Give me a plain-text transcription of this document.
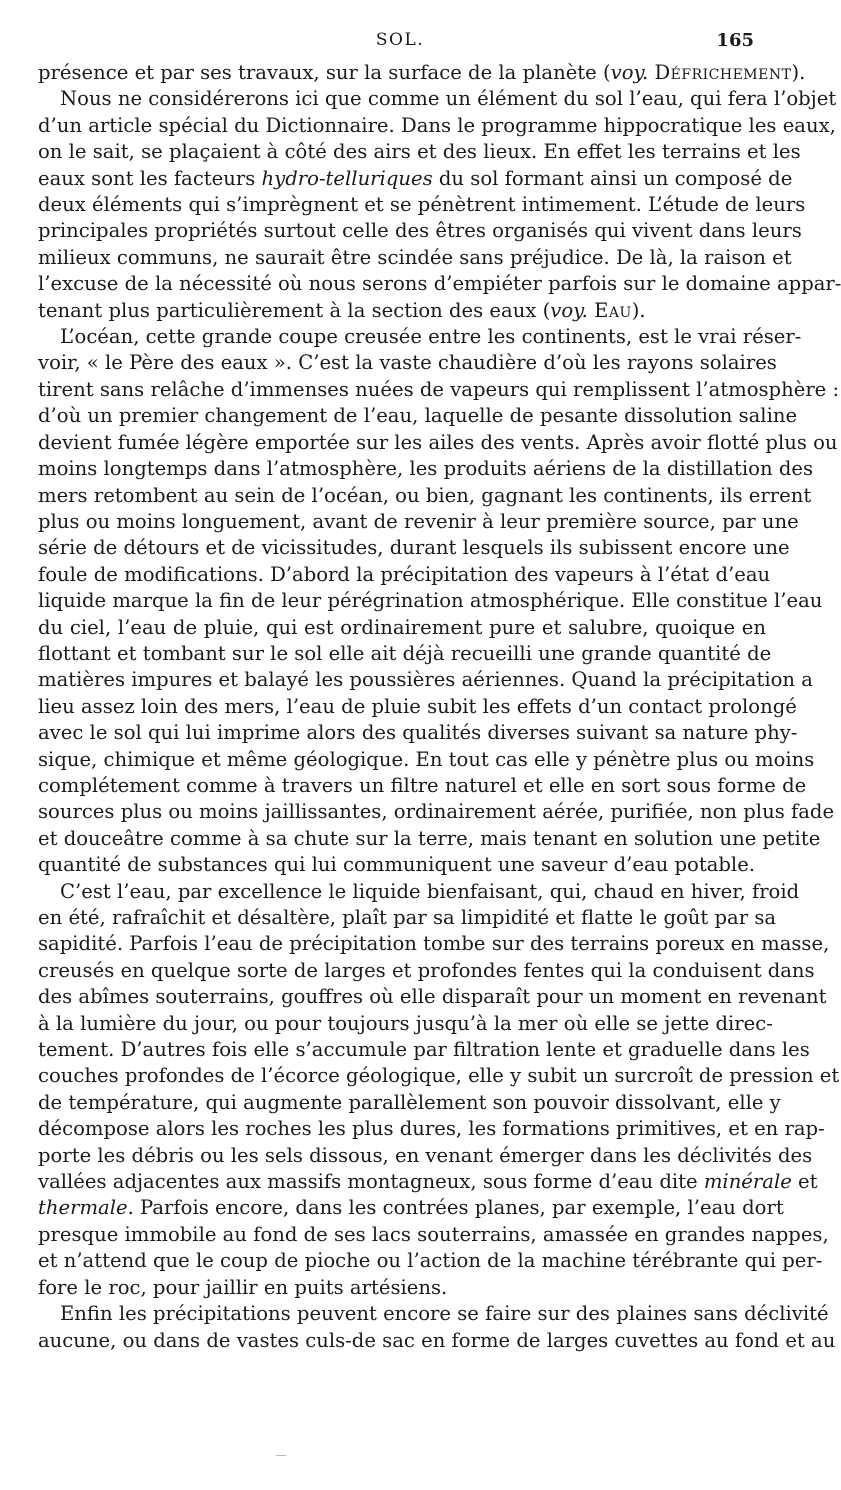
SOL.	165

présence et par ses travaux, sur la surface de la planète (voy. Défrichement).

Nous ne considérerons ici que comme un élément du sol l’eau, qui fera l’objet
d’un article spécial du Dictionnaire. Dans le programme hippocratique les eaux,
on le sait, se plaçaient à côté des airs et des lieux. En effet les terrains et les
eaux sont les facteurs hydro-telluriques du sol formant ainsi un composé de
deux éléments qui s’imprègnent et se pénètrent intimement. L’étude de leurs
principales propriétés surtout celle des êtres organisés qui vivent dans leurs
milieux communs, ne saurait être scindée sans préjudice. De là, la raison et
l’excuse de la nécessité où nous serons d’empiéter parfois sur le domaine appar-
tenant plus particulièrement à la section des eaux (voy. Eau).

L’océan, cette grande coupe creusée entre les continents, est le vrai réser-
voir, « le Père des eaux ». C’est la vaste chaudière d’où les rayons solaires
tirent sans relâche d’immenses nuées de vapeurs qui remplissent l’atmosphère :
d’où un premier changement de l’eau, laquelle de pesante dissolution saline
devient fumée légère emportée sur les ailes des vents. Après avoir flotté plus ou
moins longtemps dans l’atmosphère, les produits aériens de la distillation des
mers retombent au sein de l’océan, ou bien, gagnant les continents, ils errent
plus ou moins longuement, avant de revenir à leur première source, par une
série de détours et de vicissitudes, durant lesquels ils subissent encore une
foule de modifications. D’abord la précipitation des vapeurs à l’état d’eau
liquide marque la fin de leur pérégrination atmosphérique. Elle constitue l’eau
du ciel, l’eau de pluie, qui est ordinairement pure et salubre, quoique en
flottant et tombant sur le sol elle ait déjà recueilli une grande quantité de
matières impures et balayé les poussières aériennes. Quand la précipitation a
lieu assez loin des mers, l’eau de pluie subit les effets d’un contact prolongé
avec le sol qui lui imprime alors des qualités diverses suivant sa nature phy-
sique, chimique et même géologique. En tout cas elle y pénètre plus ou moins
complétement comme à travers un filtre naturel et elle en sort sous forme de
sources plus ou moins jaillissantes, ordinairement aérée, purifiée, non plus fade
et douceâtre comme à sa chute sur la terre, mais tenant en solution une petite
quantité de substances qui lui communiquent une saveur d’eau potable.

C’est l’eau, par excellence le liquide bienfaisant, qui, chaud en hiver, froid
en été, rafraîchit et désaltère, plaît par sa limpidité et flatte le goût par sa
sapidité. Parfois l’eau de précipitation tombe sur des terrains poreux en masse,
creusés en quelque sorte de larges et profondes fentes qui la conduisent dans
des abîmes souterrains, gouffres où elle disparaît pour un moment en revenant
à la lumière du jour, ou pour toujours jusqu’à la mer où elle se jette direc-
tement. D’autres fois elle s’accumule par filtration lente et graduelle dans les
couches profondes de l’écorce géologique, elle y subit un surcroît de pression et
de température, qui augmente parallèlement son pouvoir dissolvant, elle y
décompose alors les roches les plus dures, les formations primitives, et en rap-
porte les débris ou les sels dissous, en venant émerger dans les déclivités des
vallées adjacentes aux massifs montagneux, sous forme d’eau dite minérale et
thermale. Parfois encore, dans les contrées planes, par exemple, l’eau dort
presque immobile au fond de ses lacs souterrains, amassée en grandes nappes,
et n’attend que le coup de pioche ou l’action de la machine térébrante qui per-
fore le roc, pour jaillir en puits artésiens.

Enfin les précipitations peuvent encore se faire sur des plaines sans déclivité
aucune, ou dans de vastes culs-de sac en forme de larges cuvettes au fond et au
